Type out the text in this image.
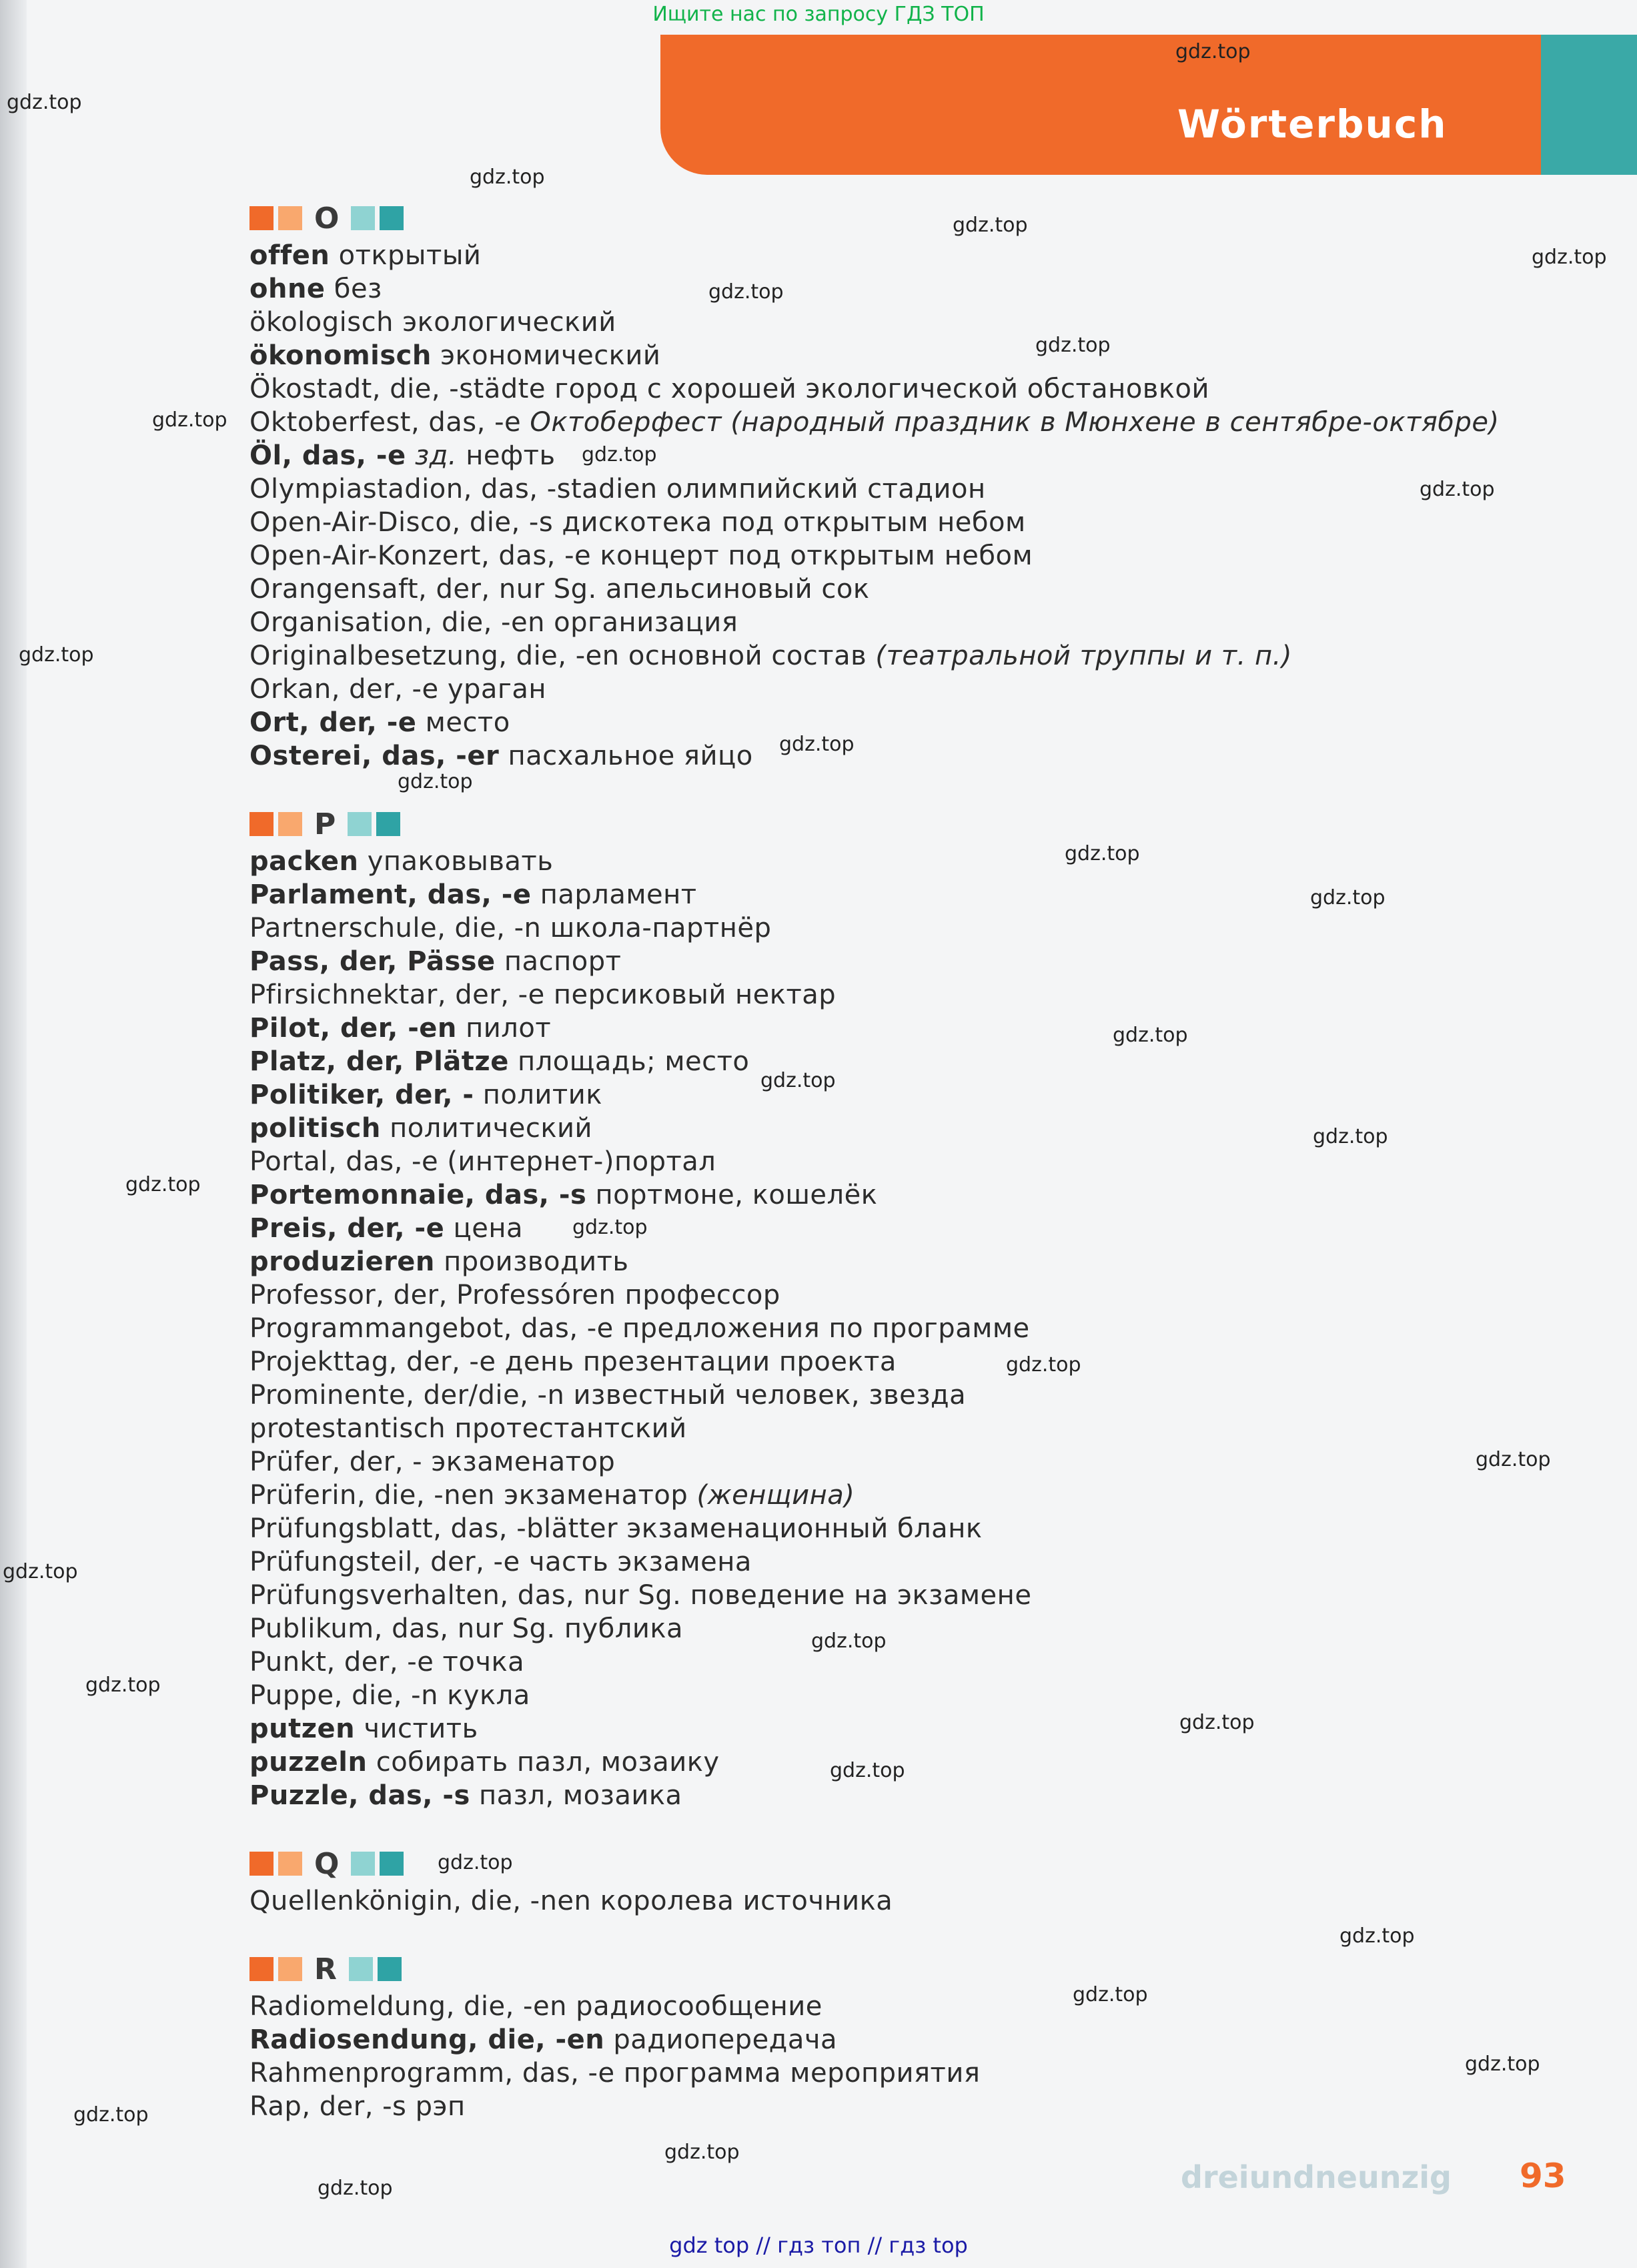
Ищите нас по запросу ГДЗ ТОП
Wörterbuch
O
offen открытый
ohne без
ökologisch экологический
ökonomisch экономический
Ökostadt, die, -städte город с хорошей экологической обстановкой
Oktoberfest, das, -e Октоберфест (народный праздник в Мюнхене в сентябре-октябре)
Öl, das, -e зд. нефть
Olympiastadion, das, -stadien олимпийский стадион
Open-Air-Disco, die, -s дискотека под открытым небом
Open-Air-Konzert, das, -e концерт под открытым небом
Orangensaft, der, nur Sg. апельсиновый сок
Organisation, die, -en организация
Originalbesetzung, die, -en основной состав (театральной труппы и т. п.)
Orkan, der, -e ураган
Ort, der, -e место
Osterei, das, -er пасхальное яйцо
P
packen упаковывать
Parlament, das, -e парламент
Partnerschule, die, -n школа-партнёр
Pass, der, Pässe паспорт
Pfirsichnektar, der, -e персиковый нектар
Pilot, der, -en пилот
Platz, der, Plätze площадь; место
Politiker, der, - политик
politisch политический
Portal, das, -e (интернет-)портал
Portemonnaie, das, -s портмоне, кошелёк
Preis, der, -e цена
produzieren производить
Professor, der, Professóren профессор
Programmangebot, das, -e предложения по программе
Projekttag, der, -e день презентации проекта
Prominente, der/die, -n известный человек, звезда
protestantisch протестантский
Prüfer, der, - экзаменатор
Prüferin, die, -nen экзаменатор (женщина)
Prüfungsblatt, das, -blätter экзаменационный бланк
Prüfungsteil, der, -e часть экзамена
Prüfungsverhalten, das, nur Sg. поведение на экзамене
Publikum, das, nur Sg. публика
Punkt, der, -e точка
Puppe, die, -n кукла
putzen чистить
puzzeln собирать пазл, мозаику
Puzzle, das, -s пазл, мозаика
Q
Quellenkönigin, die, -nen королева источника
R
Radiomeldung, die, -en радиосообщение
Radiosendung, die, -en радиопередача
Rahmenprogramm, das, -e программа мероприятия
Rap, der, -s рэп
gdz.top
gdz.top
gdz.top
gdz.top
gdz.top
gdz.top
gdz.top
gdz.top
gdz.top
gdz.top
gdz.top
gdz.top
gdz.top
gdz.top
gdz.top
gdz.top
gdz.top
gdz.top
gdz.top
gdz.top
gdz.top
gdz.top
gdz.top
gdz.top
gdz.top
gdz.top
gdz.top
gdz.top
gdz.top
gdz.top
gdz.top
gdz.top
gdz.top
gdz.top	dreiundneunzig 93
gdz top // гдз топ // гдз top
